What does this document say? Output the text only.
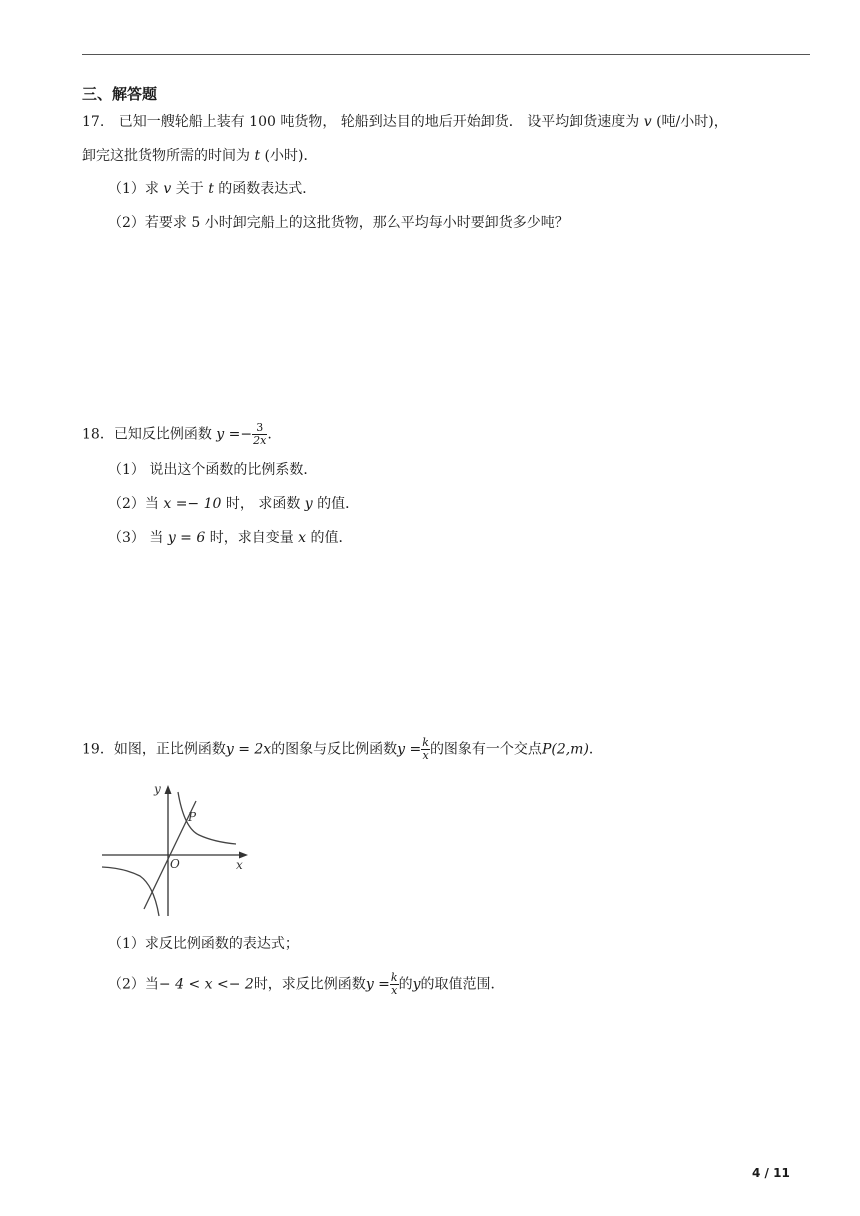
三、解答题
17. 已知一艘轮船上装有 100 吨货物， 轮船到达目的地后开始卸货． 设平均卸货速度为 v (吨/小时)，
卸完这批货物所需的时间为 t (小时)．
（1）求 v 关于 t 的函数表达式．
（2）若要求 5 小时卸完船上的这批货物，那么平均每小时要卸货多少吨？
18．已知反比例函数 $y =- \frac{3}{2x}$ .
（1） 说出这个函数的比例系数．
（2）当 x =− 10 时， 求函数 y 的值．
（3） 当 y = 6 时，求自变量 x 的值．
19．如图，正比例函数y = 2x的图象与反比例函数$y = \frac{k}{x}$ 的图象有一个交点P(2,m)．
y
x
O
P
（1）求反比例函数的表达式；
（2）当− 4 < x <− 2时，求反比例函数$y = \frac{k}{x}$ 的y的取值范围．
4 / 11
